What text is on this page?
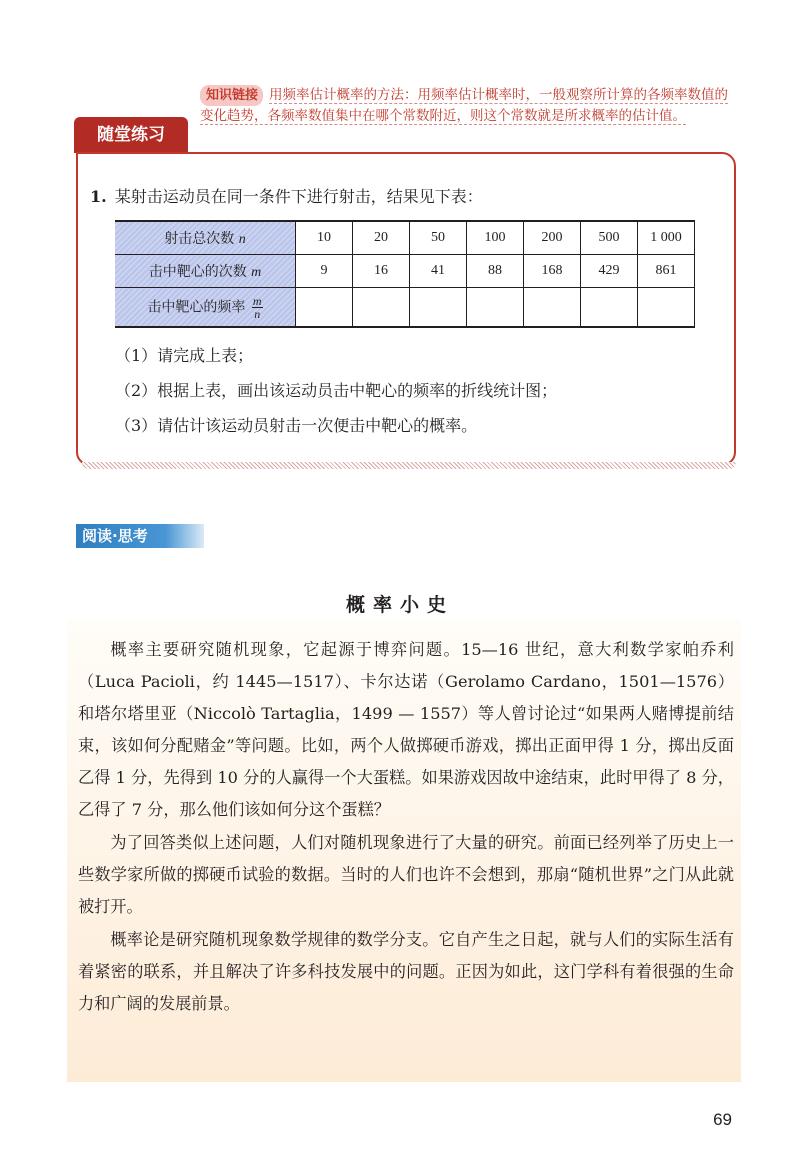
知识链接 用频率估计概率的方法：用频率估计概率时，一般观察所计算的各频率数值的变化趋势，各频率数值集中在哪个常数附近，则这个常数就是所求概率的估计值。
随堂练习
1. 某射击运动员在同一条件下进行射击，结果见下表：
射击总次数 n	10	20	50	100	200	500	1 000
击中靶心的次数 m	9	16	41	88	168	429	861
击中靶心的频率 $\frac{m}{n}$

（1）请完成上表；
（2）根据上表，画出该运动员击中靶心的频率的折线统计图；
（3）请估计该运动员射击一次便击中靶心的概率。
阅读·思考
概率小史

概率主要研究随机现象，它起源于博弈问题。15—16 世纪，意大利数学家帕乔利（Luca Pacioli，约 1445—1517）、卡尔达诺（Gerolamo Cardano，1501—1576）和塔尔塔里亚（Niccolò Tartaglia，1499 — 1557）等人曾讨论过“如果两人赌博提前结束，该如何分配赌金”等问题。比如，两个人做掷硬币游戏，掷出正面甲得 1 分，掷出反面乙得 1 分，先得到 10 分的人赢得一个大蛋糕。如果游戏因故中途结束，此时甲得了 8 分，乙得了 7 分，那么他们该如何分这个蛋糕？

为了回答类似上述问题，人们对随机现象进行了大量的研究。前面已经列举了历史上一些数学家所做的掷硬币试验的数据。当时的人们也许不会想到，那扇“随机世界”之门从此就被打开。

概率论是研究随机现象数学规律的数学分支。它自产生之日起，就与人们的实际生活有着紧密的联系，并且解决了许多科技发展中的问题。正因为如此，这门学科有着很强的生命力和广阔的发展前景。

69
